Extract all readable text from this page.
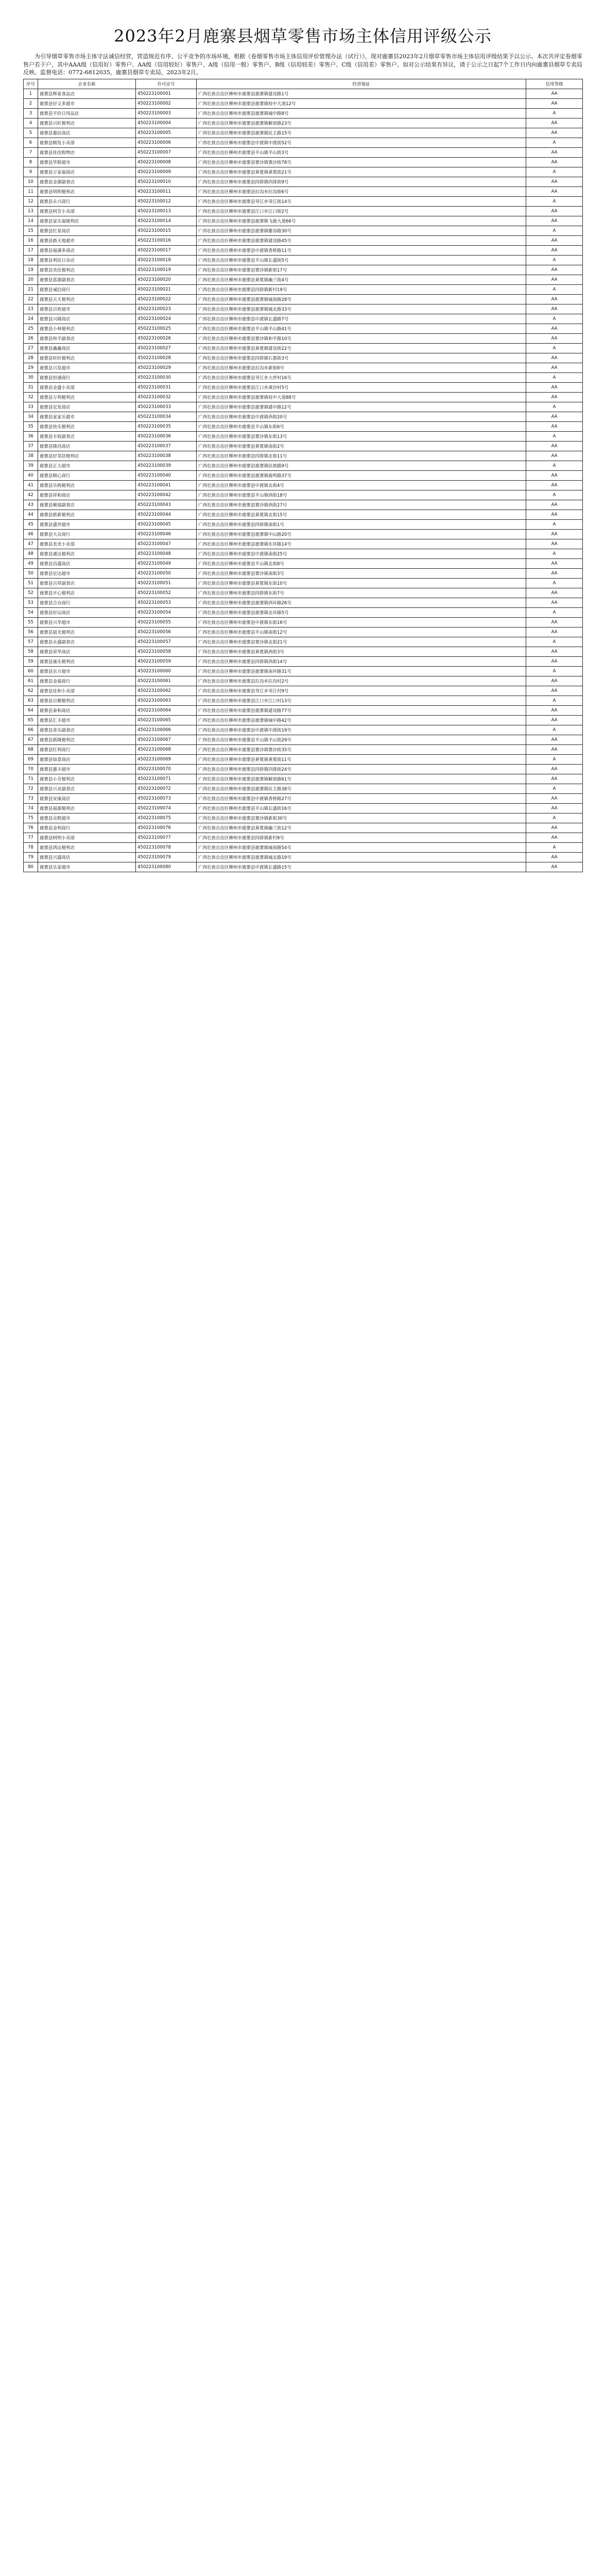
2023年2月鹿寨县烟草零售市场主体信用评级公示
为引导烟草零售市场主体守法诚信经营，营造规范有序、公平竞争的市场环境，根据《卷烟零售市场主体信用评价管理办法（试行）》，现对鹿寨县2023年2月烟草零售市场主体信用评级结果予以公示。本次共评定卷烟零售户若干户，其中AAA级（信用好）零售户、AA级（信用较好）零售户、A级（信用一般）零售户、B级（信用较差）零售户、C级（信用差）零售户。如对公示结果有异议，请于公示之日起7个工作日内向鹿寨县烟草专卖局反映。监督电话：0772-6812035，鹿寨县烟草专卖局，2023年2月。
序号	企业名称	许可证号	经营地址	信用等级
1	鹿寨县辉泰食品店	450223100001	广西壮族自治区柳州市鹿寨县鹿寨镇建设路1号	AA
2	鹿寨县好又多超市	450223100002	广西壮族自治区柳州市鹿寨县鹿寨镇桂中大道12号	AA
3	鹿寨县平价日用品店	450223100003	广西壮族自治区柳州市鹿寨县鹿寨镇城中路8号	A
4	鹿寨县兴旺便利店	450223100004	广西壮族自治区柳州市鹿寨县鹿寨镇解放路23号	AA
5	鹿寨县惠民商店	450223100005	广西壮族自治区柳州市鹿寨县鹿寨镇民主路15号	AA
6	鹿寨县顺发小卖部	450223100006	广西壮族自治区柳州市鹿寨县中渡镇中渡街52号	A
7	鹿寨县佳佳购物店	450223100007	广西壮族自治区柳州市鹿寨县平山镇平山街3号	AA
8	鹿寨县华联超市	450223100008	广西壮族自治区柳州市鹿寨县寨沙镇寨沙街78号	AA
9	鹿寨县万家福商店	450223100009	广西壮族自治区柳州市鹿寨县黄冕镇黄冕街21号	A
10	鹿寨县金源副食店	450223100010	广西壮族自治区柳州市鹿寨县四排镇四排街9号	AA
11	鹿寨县明明便利店	450223100011	广西壮族自治区柳州市鹿寨县拉沟乡拉沟街6号	AA
12	鹿寨县永兴商行	450223100012	广西壮族自治区柳州市鹿寨县导江乡导江街14号	A
13	鹿寨县阿芳小卖部	450223100013	广西壮族自治区柳州市鹿寨县江口乡江口街2号	AA
14	鹿寨县家乐福便利店	450223100014	广西壮族自治区柳州市鹿寨县鹿寨镇飞鹿大道66号	AA
15	鹿寨县红星商店	450223100015	广西壮族自治区柳州市鹿寨县鹿寨镇雒容路30号	A
16	鹿寨县新天地超市	450223100016	广西壮族自治区柳州市鹿寨县鹿寨镇建设路45号	AA
17	鹿寨县福满多商店	450223100017	广西壮族自治区柳州市鹿寨县中渡镇香桥路11号	AA
18	鹿寨县利民日杂店	450223100018	广西壮族自治区柳州市鹿寨县平山镇长盛街5号	A
19	鹿寨县美佳便利店	450223100019	广西壮族自治区柳州市鹿寨县寨沙镇新街17号	AA
20	鹿寨县富源副食店	450223100020	广西壮族自治区柳州市鹿寨县黄冕镇幽兰街4号	AA
21	鹿寨县诚信商行	450223100021	广西壮族自治区柳州市鹿寨县四排镇新村19号	A
22	鹿寨县天天便利店	450223100022	广西壮族自治区柳州市鹿寨县鹿寨镇城南路28号	AA
23	鹿寨县百姓超市	450223100023	广西壮族自治区柳州市鹿寨县鹿寨镇城北路33号	AA
24	鹿寨县兴隆商店	450223100024	广西壮族自治区柳州市鹿寨县中渡镇长盛路7号	A
25	鹿寨县小林便利店	450223100025	广西壮族自治区柳州市鹿寨县平山镇平山路41号	AA
26	鹿寨县和平副食店	450223100026	广西壮族自治区柳州市鹿寨县寨沙镇和平路10号	AA
27	鹿寨县鑫鑫商店	450223100027	广西壮族自治区柳州市鹿寨县黄冕镇建设街22号	A
28	鹿寨县旺旺便利店	450223100028	广西壮族自治区柳州市鹿寨县四排镇石墨街3号	AA
29	鹿寨县兴发超市	450223100029	广西壮族自治区柳州市鹿寨县拉沟乡新街8号	AA
30	鹿寨县恒通商行	450223100030	广西壮族自治区柳州市鹿寨县导江乡大坪村16号	A
31	鹿寨县金盛小卖部	450223100031	广西壮族自治区柳州市鹿寨县江口乡黄沙村5号	AA
32	鹿寨县万利便利店	450223100032	广西壮族自治区柳州市鹿寨县鹿寨镇桂中大道88号	AA
33	鹿寨县宏发商店	450223100033	广西壮族自治区柳州市鹿寨县鹿寨镇建中路12号	A
34	鹿寨县家家乐超市	450223100034	广西壮族自治区柳州市鹿寨县中渡镇西街20号	AA
35	鹿寨县快乐便利店	450223100035	广西壮族自治区柳州市鹿寨县平山镇东街6号	AA
36	鹿寨县丰收副食店	450223100036	广西壮族自治区柳州市鹿寨县寨沙镇东街13号	A
37	鹿寨县隆昌商店	450223100037	广西壮族自治区柳州市鹿寨县黄冕镇南街2号	AA
38	鹿寨县好邻居便利店	450223100038	广西壮族自治区柳州市鹿寨县四排镇北街11号	AA
39	鹿寨县正大超市	450223100039	广西壮族自治区柳州市鹿寨县鹿寨镇民族路9号	A
40	鹿寨县顺心商行	450223100040	广西壮族自治区柳州市鹿寨县鹿寨镇鹿鸣路37号	AA
41	鹿寨县乐购便利店	450223100041	广西壮族自治区柳州市鹿寨县中渡镇北街4号	AA
42	鹿寨县祥和商店	450223100042	广西壮族自治区柳州市鹿寨县平山镇西街18号	A
43	鹿寨县聚福副食店	450223100043	广西壮族自治区柳州市鹿寨县寨沙镇西街27号	AA
44	鹿寨县新新便利店	450223100044	广西壮族自治区柳州市鹿寨县黄冕镇北街15号	AA
45	鹿寨县盛世超市	450223100045	广西壮族自治区柳州市鹿寨县四排镇南街1号	A
46	鹿寨县大众商行	450223100046	广西壮族自治区柳州市鹿寨县鹿寨镇中山路20号	AA
47	鹿寨县美美小卖部	450223100047	广西壮族自治区柳州市鹿寨县鹿寨镇东环路14号	AA
48	鹿寨县通达便利店	450223100048	广西壮族自治区柳州市鹿寨县中渡镇南街25号	A
49	鹿寨县昌盛商店	450223100049	广西壮族自治区柳州市鹿寨县平山镇北街8号	AA
50	鹿寨县宏达超市	450223100050	广西壮族自治区柳州市鹿寨县寨沙镇南街3号	AA
51	鹿寨县吉祥副食店	450223100051	广西壮族自治区柳州市鹿寨县黄冕镇东街10号	A
52	鹿寨县开心便利店	450223100052	广西壮族自治区柳州市鹿寨县四排镇东街7号	AA
53	鹿寨县合众商行	450223100053	广西壮族自治区柳州市鹿寨县鹿寨镇西环路26号	AA
54	鹿寨县好运商店	450223100054	广西壮族自治区柳州市鹿寨县鹿寨镇北环路5号	A
55	鹿寨县兴华超市	450223100055	广西壮族自治区柳州市鹿寨县中渡镇东街16号	AA
56	鹿寨县晨光便利店	450223100056	广西壮族自治区柳州市鹿寨县平山镇南街12号	AA
57	鹿寨县永盛副食店	450223100057	广西壮族自治区柳州市鹿寨县寨沙镇北街21号	A
58	鹿寨县荣华商店	450223100058	广西壮族自治区柳州市鹿寨县黄冕镇西街3号	AA
59	鹿寨县康乐便利店	450223100059	广西壮族自治区柳州市鹿寨县四排镇西街14号	AA
60	鹿寨县东方超市	450223100060	广西壮族自治区柳州市鹿寨县鹿寨镇南环路31号	A
61	鹿寨县金福商行	450223100061	广西壮族自治区柳州市鹿寨县拉沟乡拉沟村2号	AA
62	鹿寨县佳和小卖部	450223100062	广西壮族自治区柳州市鹿寨县导江乡导江村9号	AA
63	鹿寨县百顺便利店	450223100063	广西壮族自治区柳州市鹿寨县江口乡江口村13号	A
64	鹿寨县泰和商店	450223100064	广西壮族自治区柳州市鹿寨县鹿寨镇建设路77号	AA
65	鹿寨县汇丰超市	450223100065	广西壮族自治区柳州市鹿寨县鹿寨镇城中路42号	AA
66	鹿寨县喜乐副食店	450223100066	广西壮族自治区柳州市鹿寨县中渡镇中渡街19号	A
67	鹿寨县新隆便利店	450223100067	广西壮族自治区柳州市鹿寨县平山镇平山街29号	AA
68	鹿寨县红利商行	450223100068	广西壮族自治区柳州市鹿寨县寨沙镇寨沙街35号	AA
69	鹿寨县如意商店	450223100069	广西壮族自治区柳州市鹿寨县黄冕镇黄冕街11号	A
70	鹿寨县惠丰超市	450223100070	广西壮族自治区柳州市鹿寨县四排镇四排街24号	AA
71	鹿寨县小芳便利店	450223100071	广西壮族自治区柳州市鹿寨县鹿寨镇解放路61号	AA
72	鹿寨县兴业副食店	450223100072	广西壮族自治区柳州市鹿寨县鹿寨镇民主路38号	A
73	鹿寨县安康商店	450223100073	广西壮族自治区柳州市鹿寨县中渡镇香桥路27号	AA
74	鹿寨县福源便利店	450223100074	广西壮族自治区柳州市鹿寨县平山镇长盛街16号	AA
75	鹿寨县众联超市	450223100075	广西壮族自治区柳州市鹿寨县寨沙镇新街30号	A
76	鹿寨县金利商行	450223100076	广西壮族自治区柳州市鹿寨县黄冕镇幽兰街12号	AA
77	鹿寨县阿明小卖部	450223100077	广西壮族自治区柳州市鹿寨县四排镇新村8号	AA
78	鹿寨县鸿运便利店	450223100078	广西壮族自治区柳州市鹿寨县鹿寨镇城南路54号	A
79	鹿寨县兴盛商店	450223100079	广西壮族自治区柳州市鹿寨县鹿寨镇城北路19号	AA
80	鹿寨县乐家超市	450223100080	广西壮族自治区柳州市鹿寨县中渡镇长盛路15号	AA
